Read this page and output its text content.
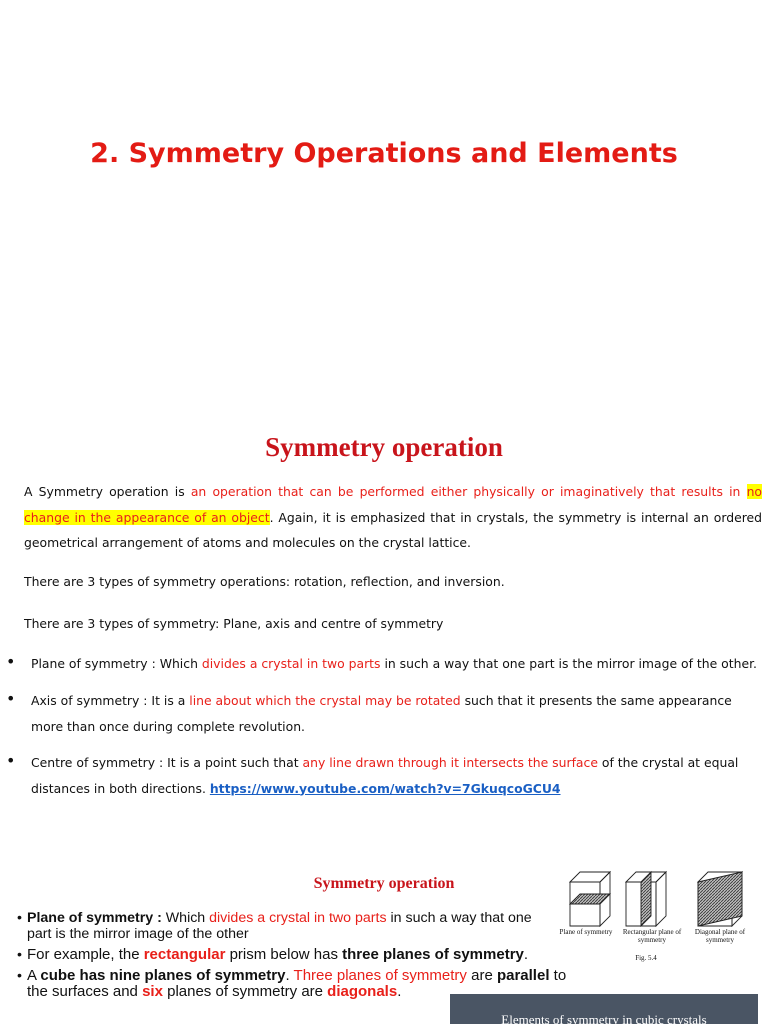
2. Symmetry Operations and Elements
Symmetry operation
A Symmetry operation is an operation that can be performed either physically or imaginatively that results in no change in the appearance of an object. Again, it is emphasized that in crystals, the symmetry is internal an ordered geometrical arrangement of atoms and molecules on the crystal lattice.
There are 3 types of symmetry operations: rotation, reflection, and inversion.
There are 3 types of symmetry: Plane, axis and centre of symmetry
• Plane of symmetry : Which divides a crystal in two parts in such a way that one part is the mirror image of the other.
• Axis of symmetry : It is a line about which the crystal may be rotated such that it presents the same appearance more than once during complete revolution.
• Centre of symmetry : It is a point such that any line drawn through it intersects the surface of the crystal at equal distances in both directions. https://www.youtube.com/watch?v=7GkuqcoGCU4
Symmetry operation
• Plane of symmetry : Which divides a crystal in two parts in such a way that one part is the mirror image of the other
• For example, the rectangular prism below has three planes of symmetry.
• A cube has nine planes of symmetry. Three planes of symmetry are parallel to the surfaces and six planes of symmetry are diagonals.
Plane of symmetry	Rectangular plane of symmetry
Diagonal plane of symmetry
Fig. 5.4
Elements of symmetry in cubic crystals
